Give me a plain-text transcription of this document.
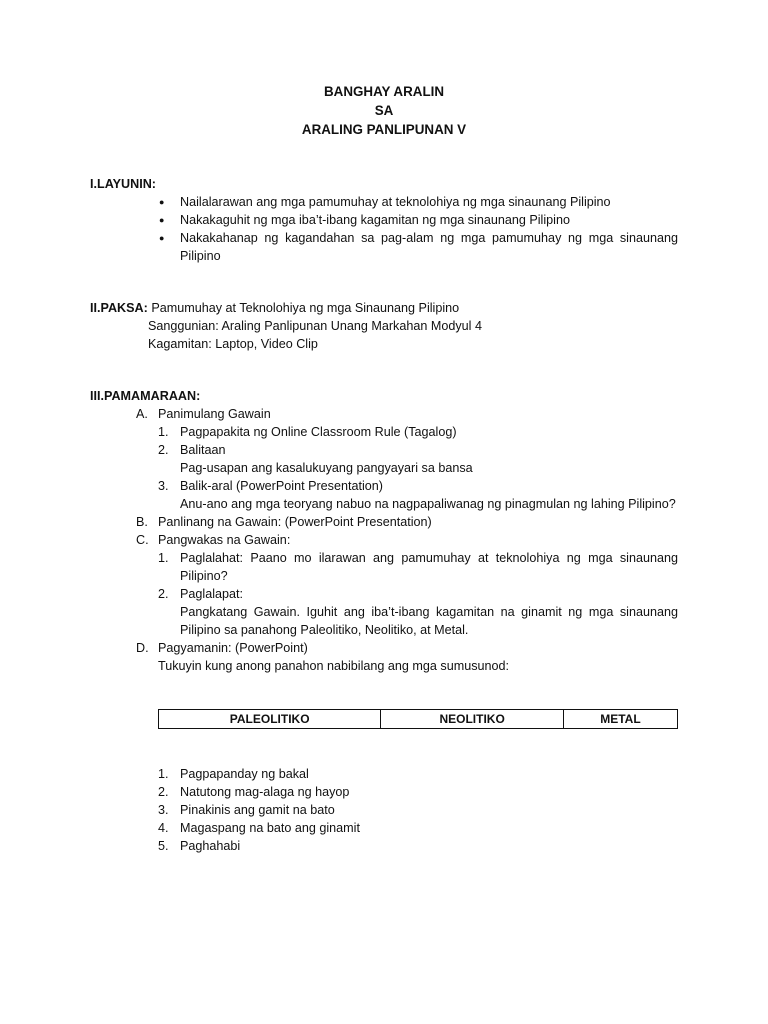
BANGHAY ARALIN
SA
ARALING PANLIPUNAN V
I.LAYUNIN:
● Nailalarawan ang mga pamumuhay at teknolohiya ng mga sinaunang Pilipino
● Nakakaguhit ng mga iba’t-ibang kagamitan ng mga sinaunang Pilipino
● Nakakahanap ng kagandahan sa pag-alam ng mga pamumuhay ng mga sinaunang Pilipino
II.PAKSA: Pamumuhay at Teknolohiya ng mga Sinaunang Pilipino
Sanggunian: Araling Panlipunan Unang Markahan Modyul 4
Kagamitan: Laptop, Video Clip
III.PAMAMARAAN:
A. Panimulang Gawain
1. Pagpapakita ng Online Classroom Rule (Tagalog)
2. Balitaan
Pag-usapan ang kasalukuyang pangyayari sa bansa
3. Balik-aral (PowerPoint Presentation)
Anu-ano ang mga teoryang nabuo na nagpapaliwanag ng pinagmulan ng lahing Pilipino?
B. Panlinang na Gawain: (PowerPoint Presentation)
C. Pangwakas na Gawain:
1. Paglalahat: Paano mo ilarawan ang pamumuhay at teknolohiya ng mga sinaunang Pilipino?
2. Paglalapat:
Pangkatang Gawain. Iguhit ang iba’t-ibang kagamitan na ginamit ng mga sinaunang Pilipino sa panahong Paleolitiko, Neolitiko, at Metal.
D. Pagyamanin: (PowerPoint)
Tukuyin kung anong panahon nabibilang ang mga sumusunod:
PALEOLITIKO	NEOLITIKO	METAL
1. Pagpapanday ng bakal
2. Natutong mag-alaga ng hayop
3. Pinakinis ang gamit na bato
4. Magaspang na bato ang ginamit
5. Paghahabi
